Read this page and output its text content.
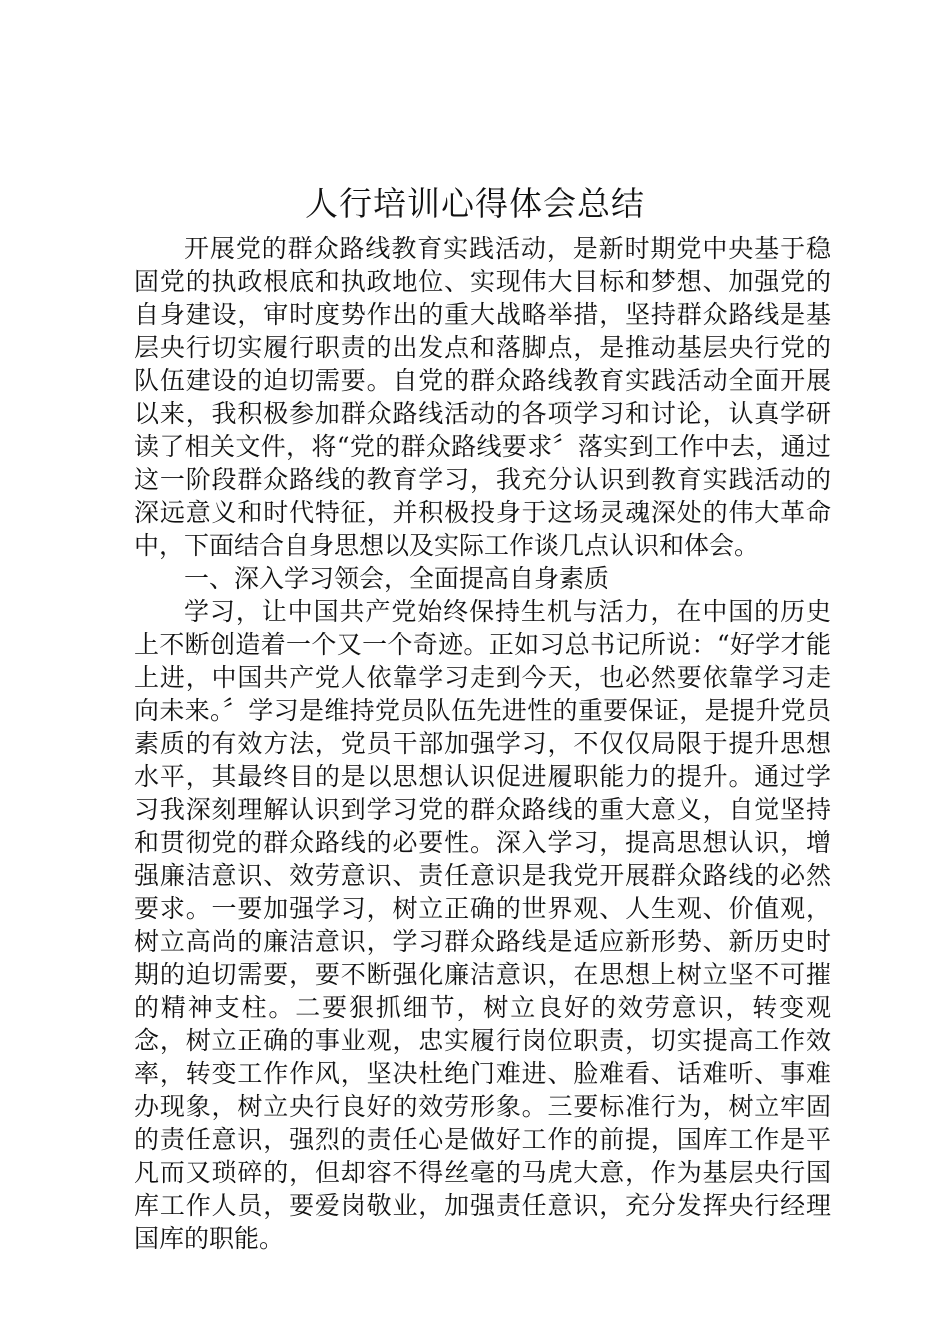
人行培训心得体会总结

开展党的群众路线教育实践活动，是新时期党中央基于稳固党的执政根底和执政地位、实现伟大目标和梦想、加强党的自身建设，审时度势作出的重大战略举措，坚持群众路线是基层央行切实履行职责的出发点和落脚点，是推动基层央行党的队伍建设的迫切需要。自党的群众路线教育实践活动全面开展以来，我积极参加群众路线活动的各项学习和讨论，认真学研读了相关文件，将“党的群众路线要求〞落实到工作中去，通过这一阶段群众路线的教育学习，我充分认识到教育实践活动的深远意义和时代特征，并积极投身于这场灵魂深处的伟大革命中，下面结合自身思想以及实际工作谈几点认识和体会。

一、深入学习领会，全面提高自身素质

学习，让中国共产党始终保持生机与活力，在中国的历史上不断创造着一个又一个奇迹。正如习总书记所说：“好学才能上进，中国共产党人依靠学习走到今天，也必然要依靠学习走向未来。〞学习是维持党员队伍先进性的重要保证，是提升党员素质的有效方法，党员干部加强学习，不仅仅局限于提升思想水平，其最终目的是以思想认识促进履职能力的提升。通过学习我深刻理解认识到学习党的群众路线的重大意义，自觉坚持和贯彻党的群众路线的必要性。深入学习，提高思想认识，增强廉洁意识、效劳意识、责任意识是我党开展群众路线的必然要求。一要加强学习，树立正确的世界观、人生观、价值观，树立高尚的廉洁意识，学习群众路线是适应新形势、新历史时期的迫切需要，要不断强化廉洁意识，在思想上树立坚不可摧的精神支柱。二要狠抓细节，树立良好的效劳意识，转变观念，树立正确的事业观，忠实履行岗位职责，切实提高工作效率，转变工作作风，坚决杜绝门难进、脸难看、话难听、事难办现象，树立央行良好的效劳形象。三要标准行为，树立牢固的责任意识，强烈的责任心是做好工作的前提，国库工作是平凡而又琐碎的，但却容不得丝毫的马虎大意，作为基层央行国库工作人员，要爱岗敬业，加强责任意识，充分发挥央行经理国库的职能。
